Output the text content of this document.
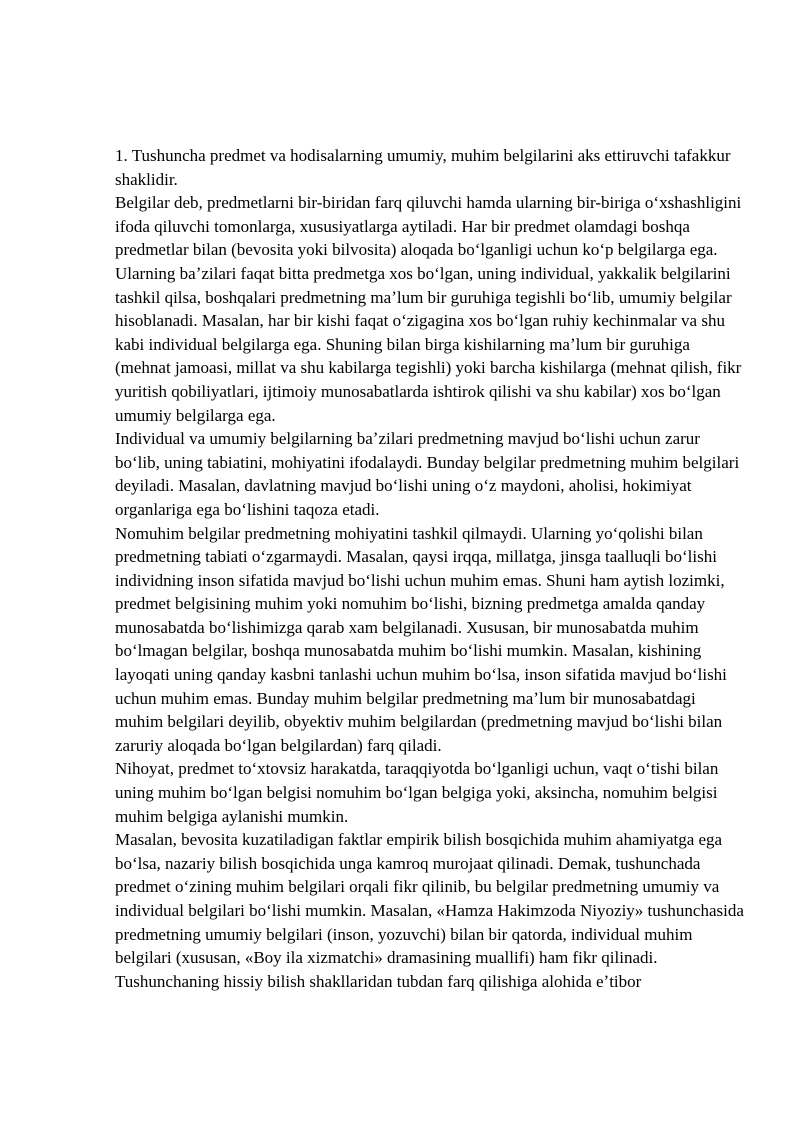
1. Tushuncha predmet va hodisalarning umumiy, muhim belgilarini aks ettiruvchi tafakkur shaklidir.

Belgilar deb, predmetlarni bir-biridan farq qiluvchi hamda ularning bir-biriga oʻxshashligini ifoda qiluvchi tomonlarga, xususiyatlarga aytiladi. Har bir predmet olamdagi boshqa predmetlar bilan (bevosita yoki bilvosita) aloqada boʻlganligi uchun koʻp belgilarga ega. Ularning baʼzilari faqat bitta predmetga xos boʻlgan, uning individual, yakkalik belgilarini tashkil qilsa, boshqalari predmetning maʼlum bir guruhiga tegishli boʻlib, umumiy belgilar hisoblanadi. Masalan, har bir kishi faqat oʻzigagina xos boʻlgan ruhiy kechinmalar va shu kabi individual belgilarga ega. Shuning bilan birga kishilarning maʼlum bir guruhiga (mehnat jamoasi, millat va shu kabilarga tegishli) yoki barcha kishilarga (mehnat qilish, fikr yuritish qobiliyatlari, ijtimoiy munosabatlarda ishtirok qilishi va shu kabilar) xos boʻlgan umumiy belgilarga ega.

Individual va umumiy belgilarning baʼzilari predmetning mavjud boʻlishi uchun zarur boʻlib, uning tabiatini, mohiyatini ifodalaydi. Bunday belgilar predmetning muhim belgilari deyiladi. Masalan, davlatning mavjud boʻlishi uning oʻz maydoni, aholisi, hokimiyat organlariga ega boʻlishini taqoza etadi.

Nomuhim belgilar predmetning mohiyatini tashkil qilmaydi. Ularning yoʻqolishi bilan predmetning tabiati oʻzgarmaydi. Masalan, qaysi irqqa, millatga, jinsga taalluqli boʻlishi individning inson sifatida mavjud boʻlishi uchun muhim emas. Shuni ham aytish lozimki, predmet belgisining muhim yoki nomuhim boʻlishi, bizning predmetga amalda qanday munosabatda boʻlishimizga qarab xam belgilanadi. Xususan, bir munosabatda muhim boʻlmagan belgilar, boshqa munosabatda muhim boʻlishi mumkin. Masalan, kishining layoqati uning qanday kasbni tanlashi uchun muhim boʻlsa, inson sifatida mavjud boʻlishi uchun muhim emas. Bunday muhim belgilar predmetning maʼlum bir munosabatdagi muhim belgilari deyilib, obyektiv muhim belgilardan (predmetning mavjud boʻlishi bilan zaruriy aloqada boʻlgan belgilardan) farq qiladi.

Nihoyat, predmet toʻxtovsiz harakatda, taraqqiyotda boʻlganligi uchun, vaqt oʻtishi bilan uning muhim boʻlgan belgisi nomuhim boʻlgan belgiga yoki, aksincha, nomuhim belgisi muhim belgiga aylanishi mumkin.

Masalan, bevosita kuzatiladigan faktlar empirik bilish bosqichida muhim ahamiyatga ega boʻlsa, nazariy bilish bosqichida unga kamroq murojaat qilinadi. Demak, tushunchada predmet oʻzining muhim belgilari orqali fikr qilinib, bu belgilar predmetning umumiy va individual belgilari boʻlishi mumkin. Masalan, «Hamza Hakimzoda Niyoziy» tushunchasida predmetning umumiy belgilari (inson, yozuvchi) bilan bir qatorda, individual muhim belgilari (xususan, «Boy ila xizmatchi» dramasining muallifi) ham fikr qilinadi.

Tushunchaning hissiy bilish shakllaridan tubdan farq qilishiga alohida eʼtibor
